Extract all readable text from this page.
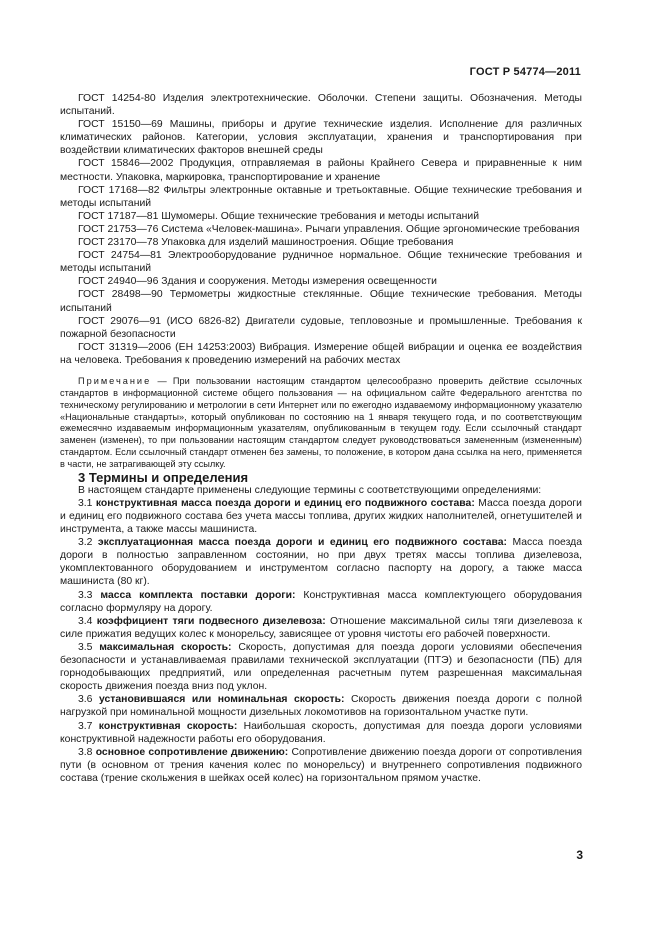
ГОСТ Р 54774—2011

ГОСТ 14254-80 Изделия электротехнические. Оболочки. Степени защиты. Обозначения. Методы испытаний.

ГОСТ 15150—69 Машины, приборы и другие технические изделия. Исполнение для различных климатических районов. Категории, условия эксплуатации, хранения и транспортирования при воздействии климатических факторов внешней среды

ГОСТ 15846—2002 Продукция, отправляемая в районы Крайнего Севера и приравненные к ним местности. Упаковка, маркировка, транспортирование и хранение

ГОСТ 17168—82 Фильтры электронные октавные и третьоктавные. Общие технические требования и методы испытаний

ГОСТ 17187—81 Шумомеры. Общие технические требования и методы испытаний

ГОСТ 21753—76 Система «Человек-машина». Рычаги управления. Общие эргономические требования

ГОСТ 23170—78 Упаковка для изделий машиностроения. Общие требования

ГОСТ 24754—81 Электрооборудование рудничное нормальное. Общие технические требования и методы испытаний

ГОСТ 24940—96 Здания и сооружения. Методы измерения освещенности

ГОСТ 28498—90 Термометры жидкостные стеклянные. Общие технические требования. Методы испытаний

ГОСТ 29076—91 (ИСО 6826-82) Двигатели судовые, тепловозные и промышленные. Требования к пожарной безопасности

ГОСТ 31319—2006 (ЕН 14253:2003) Вибрация. Измерение общей вибрации и оценка ее воздействия на человека. Требования к проведению измерений на рабочих местах

Примечание — При пользовании настоящим стандартом целесообразно проверить действие ссылочных стандартов в информационной системе общего пользования — на официальном сайте Федерального агентства по техническому регулированию и метрологии в сети Интернет или по ежегодно издаваемому информационному указателю «Национальные стандарты», который опубликован по состоянию на 1 января текущего года, и по соответствующим ежемесячно издаваемым информационным указателям, опубликованным в текущем году. Если ссылочный стандарт заменен (изменен), то при пользовании настоящим стандартом следует руководствоваться замененным (измененным) стандартом. Если ссылочный стандарт отменен без замены, то положение, в котором дана ссылка на него, применяется в части, не затрагивающей эту ссылку.

3 Термины и определения

В настоящем стандарте применены следующие термины с соответствующими определениями:

3.1 конструктивная масса поезда дороги и единиц его подвижного состава: Масса поезда дороги и единиц его подвижного состава без учета массы топлива, других жидких наполнителей, огнетушителей и инструмента, а также массы машиниста.

3.2 эксплуатационная масса поезда дороги и единиц его подвижного состава: Масса поезда дороги в полностью заправленном состоянии, но при двух третях массы топлива дизелевоза, укомплектованного оборудованием и инструментом согласно паспорту на дорогу, а также масса машиниста (80 кг).

3.3 масса комплекта поставки дороги: Конструктивная масса комплектующего оборудования согласно формуляру на дорогу.

3.4 коэффициент тяги подвесного дизелевоза: Отношение максимальной силы тяги дизелевоза к силе прижатия ведущих колес к монорельсу, зависящее от уровня чистоты его рабочей поверхности.

3.5 максимальная скорость: Скорость, допустимая для поезда дороги условиями обеспечения безопасности и устанавливаемая правилами технической эксплуатации (ПТЭ) и безопасности (ПБ) для горнодобывающих предприятий, или определенная расчетным путем разрешенная максимальная скорость движения поезда вниз под уклон.

3.6 установившаяся или номинальная скорость: Скорость движения поезда дороги с полной нагрузкой при номинальной мощности дизельных локомотивов на горизонтальном участке пути.

3.7 конструктивная скорость: Наибольшая скорость, допустимая для поезда дороги условиями конструктивной надежности работы его оборудования.

3.8 основное сопротивление движению: Сопротивление движению поезда дороги от сопротивления пути (в основном от трения качения колес по монорельсу) и внутреннего сопротивления подвижного состава (трение скольжения в шейках осей колес) на горизонтальном прямом участке.

3
